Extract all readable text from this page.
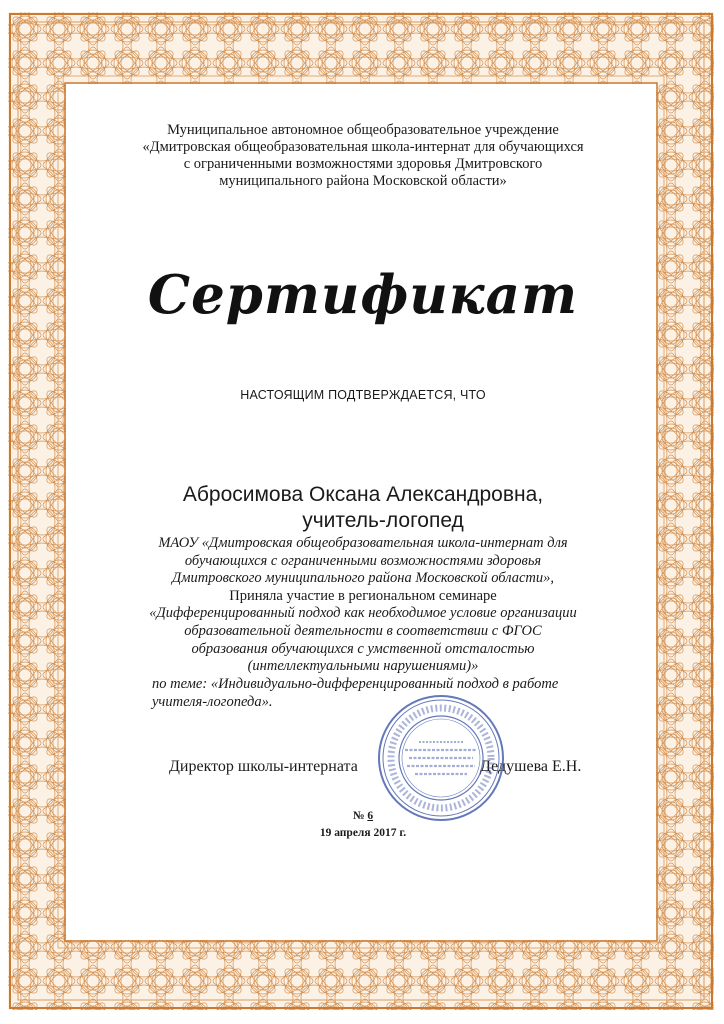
Муниципальное автономное общеобразовательное учреждение
«Дмитровская общеобразовательная школа-интернат для обучающихся
с ограниченными возможностями здоровья Дмитровского
муниципального района Московской области»
Сертификат
НАСТОЯЩИМ ПОДТВЕРЖДАЕТСЯ, ЧТО
Абросимова Оксана Александровна,
учитель-логопед
МАОУ «Дмитровская общеобразовательная школа-интернат для
обучающихся с ограниченными возможностями здоровья
Дмитровского муниципального района Московской области»,
Приняла участие в региональном семинаре
«Дифференцированный подход как необходимое условие организации
образовательной деятельности в соответствии с ФГОС
образования обучающихся с умственной отсталостью
(интеллектуальными нарушениями)»
по теме: «Индивидуально-дифференцированный подход в работе
учителя-логопеда».
Директор школы-интерната	Дедушева Е.Н.
№ 6
19 апреля 2017 г.
